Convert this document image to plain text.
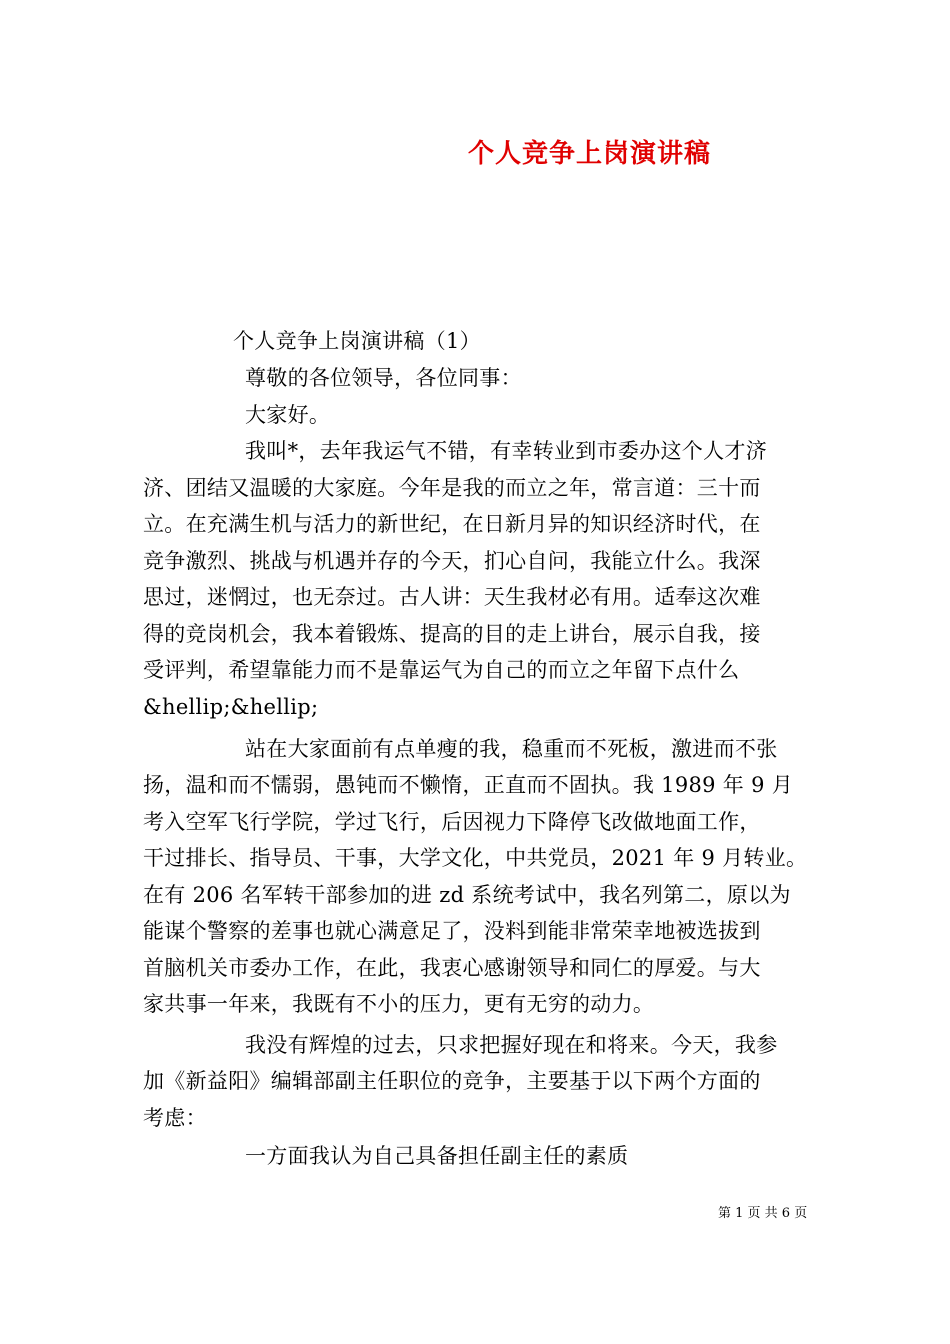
个人竞争上岗演讲稿
个人竞争上岗演讲稿（1）
尊敬的各位领导，各位同事：
大家好。
我叫*，去年我运气不错，有幸转业到市委办这个人才济
济、团结又温暖的大家庭。今年是我的而立之年，常言道：三十而
立。在充满生机与活力的新世纪，在日新月异的知识经济时代，在
竞争激烈、挑战与机遇并存的今天，扪心自问，我能立什么。我深
思过，迷惘过，也无奈过。古人讲：天生我材必有用。适奉这次难
得的竞岗机会，我本着锻炼、提高的目的走上讲台，展示自我，接
受评判，希望靠能力而不是靠运气为自己的而立之年留下点什么
&hellip;&hellip;
站在大家面前有点单瘦的我，稳重而不死板，激进而不张
扬，温和而不懦弱，愚钝而不懒惰，正直而不固执。我 1989 年 9 月
考入空军飞行学院，学过飞行，后因视力下降停飞改做地面工作，
干过排长、指导员、干事，大学文化，中共党员，2021 年 9 月转业。
在有 206 名军转干部参加的进 zd 系统考试中，我名列第二，原以为
能谋个警察的差事也就心满意足了，没料到能非常荣幸地被选拔到
首脑机关市委办工作，在此，我衷心感谢领导和同仁的厚爱。与大
家共事一年来，我既有不小的压力，更有无穷的动力。
我没有辉煌的过去，只求把握好现在和将来。今天，我参
加《新益阳》编辑部副主任职位的竞争，主要基于以下两个方面的
考虑：
一方面我认为自己具备担任副主任的素质
第 1 页 共 6 页
